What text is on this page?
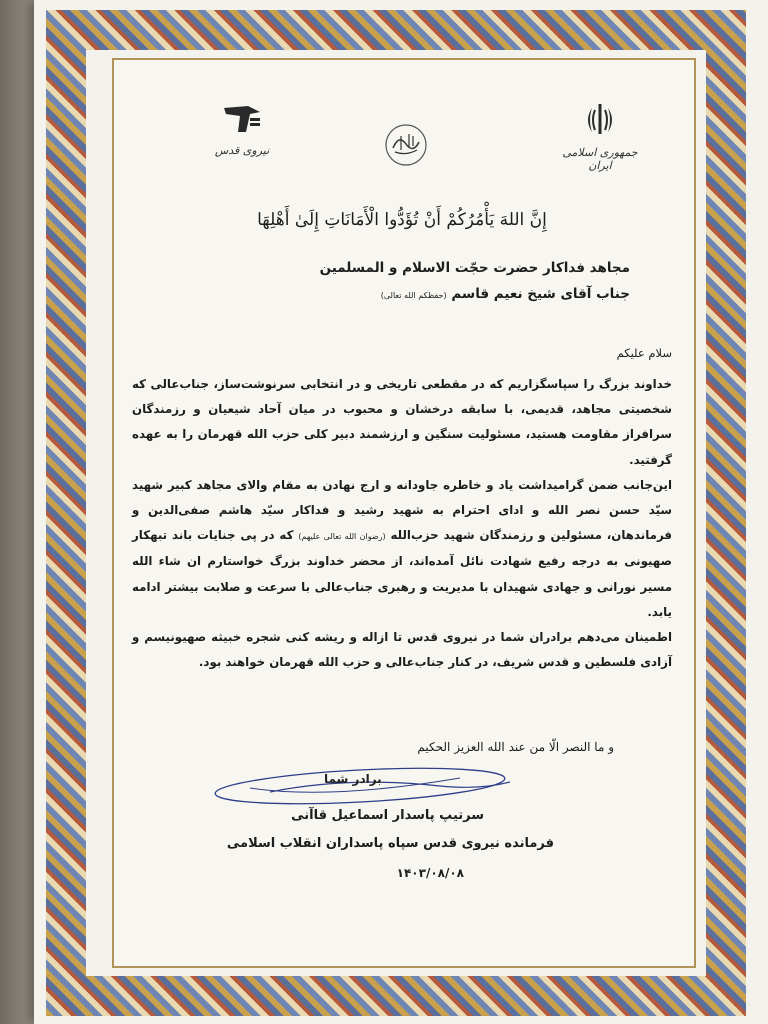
نیروی قدس	جمهوری اسلامی ایران
إِنَّ اللهَ يَأْمُرُكُمْ أَنْ تُؤَدُّوا الْأَمَانَاتِ إِلَىٰ أَهْلِهَا
مجاهد فداکار حضرت حجّت الاسلام و المسلمین
جناب آقای شیخ نعیم قاسم (حفظکم الله تعالی)
سلام علیکم
خداوند بزرگ را سپاسگزاریم که در مقطعی تاریخی و در انتخابی سرنوشت‌ساز، جناب‌عالی که شخصیتی مجاهد، قدیمی، با سابقه درخشان و محبوب در میان آحاد شیعیان و رزمندگان سرافراز مقاومت هستید، مسئولیت سنگین و ارزشمند دبیر کلی حزب الله قهرمان را به عهده گرفتید.
این‌جانب ضمن گرامیداشت یاد و خاطره جاودانه و ارج نهادن به مقام والای مجاهد کبیر شهید سیّد حسن نصر الله و ادای احترام به شهید رشید و فداکار سیّد هاشم صفی‌الدین و فرماندهان، مسئولین و رزمندگان شهید حزب‌الله (رضوان الله تعالی علیهم) که در پی جنایات باند تبهکار صهیونی به درجه رفیع شهادت نائل آمده‌اند، از محضر خداوند بزرگ خواستارم ان شاء الله مسیر نورانی و جهادی شهیدان با مدیریت و رهبری جناب‌عالی با سرعت و صلابت بیشتر ادامه یابد.
اطمینان می‌دهم برادران شما در نیروی قدس تا ازاله و ریشه کنی شجره خبیثه صهیونیسم و آزادی فلسطین و قدس شریف، در کنار جناب‌عالی و حزب الله قهرمان خواهند بود.
و ما النصر الّا من عند الله العزیز الحکیم
برادر شما
سرتیپ پاسدار اسماعیل قاآنی
فرمانده نیروی قدس سپاه پاسداران انقلاب اسلامی
۱۴۰۳/۰۸/۰۸
